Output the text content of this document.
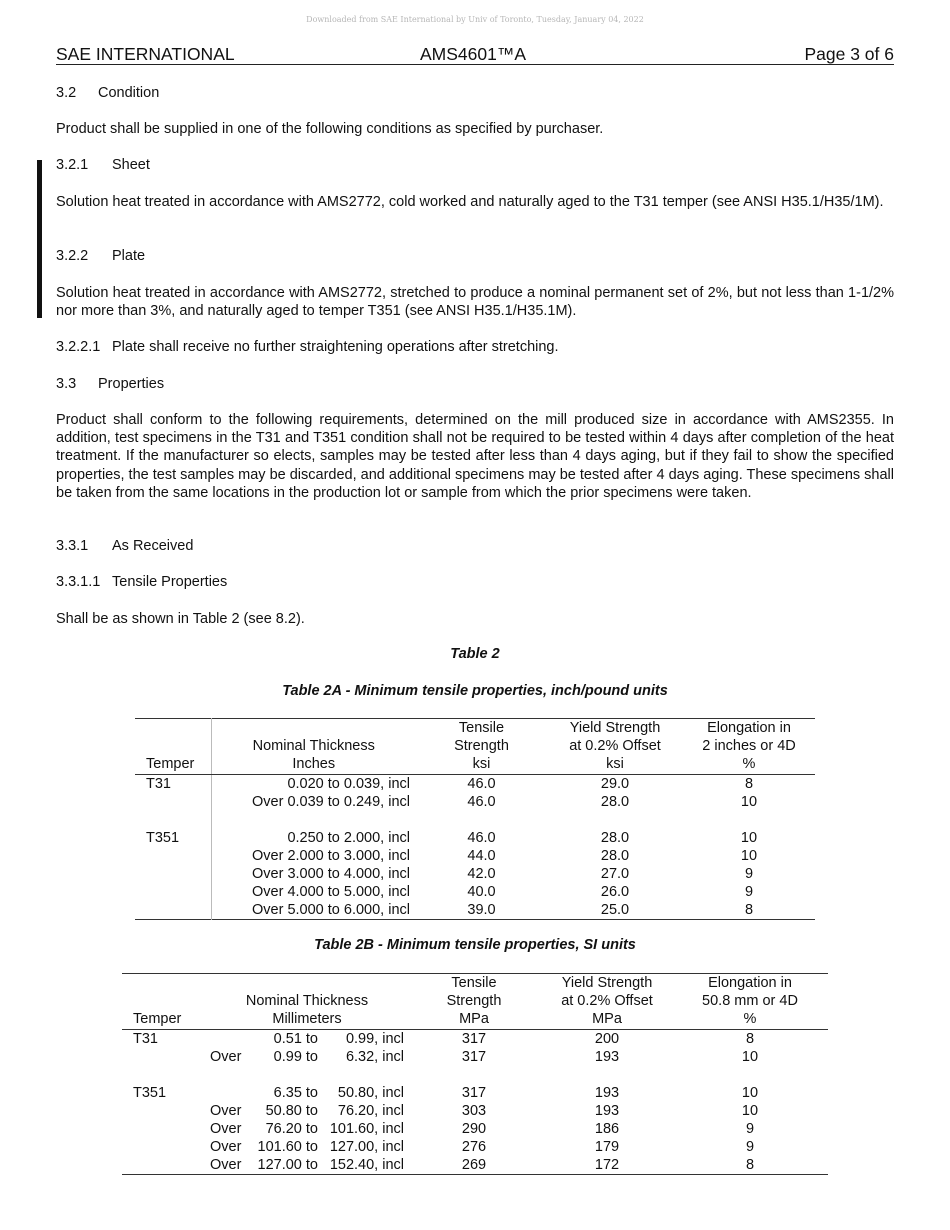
Downloaded from SAE International by Univ of Toronto, Tuesday, January 04, 2022
SAE INTERNATIONAL	AMS4601™A	Page 3 of 6
3.2 Condition
Product shall be supplied in one of the following conditions as specified by purchaser.
3.2.1 Sheet
Solution heat treated in accordance with AMS2772, cold worked and naturally aged to the T31 temper (see ANSI H35.1/H35/1M).
3.2.2 Plate
Solution heat treated in accordance with AMS2772, stretched to produce a nominal permanent set of 2%, but not less than 1-1/2% nor more than 3%, and naturally aged to temper T351 (see ANSI H35.1/H35.1M).
3.2.2.1 Plate shall receive no further straightening operations after stretching.
3.3 Properties
Product shall conform to the following requirements, determined on the mill produced size in accordance with AMS2355. In addition, test specimens in the T31 and T351 condition shall not be required to be tested within 4 days after completion of the heat treatment. If the manufacturer so elects, samples may be tested after less than 4 days aging, but if they fail to show the specified properties, the test samples may be discarded, and additional specimens may be tested after 4 days aging. These specimens shall be taken from the same locations in the production lot or sample from which the prior specimens were taken.
3.3.1 As Received
3.3.1.1 Tensile Properties
Shall be as shown in Table 2 (see 8.2).
Table 2
Table 2A - Minimum tensile properties, inch/pound units
		Tensile	Yield Strength	Elongation in
	Nominal Thickness	Strength	at 0.2% Offset	2 inches or 4D
Temper	Inches	ksi	ksi	%
T31	0.020 to 0.039, incl	46.0	29.0	8
	Over 0.039 to 0.249, incl	46.0	28.0	10

T351	0.250 to 2.000, incl	46.0	28.0	10
	Over 2.000 to 3.000, incl	44.0	28.0	10
	Over 3.000 to 4.000, incl	42.0	27.0	9
	Over 4.000 to 5.000, incl	40.0	26.0	9
	Over 5.000 to 6.000, incl	39.0	25.0	8
Table 2B - Minimum tensile properties, SI units
				Tensile	Yield Strength	Elongation in
	Nominal Thickness			Strength	at 0.2% Offset	50.8 mm or 4D
Temper	Millimeters			MPa	MPa	%
T31		0.51 to	0.99, incl	317	200	8
	Over	0.99 to	6.32, incl	317	193	10

T351		6.35 to	50.80, incl	317	193	10
	Over	50.80 to	76.20, incl	303	193	10
	Over	76.20 to	101.60, incl	290	186	9
	Over	101.60 to	127.00, incl	276	179	9
	Over	127.00 to	152.40, incl	269	172	8
